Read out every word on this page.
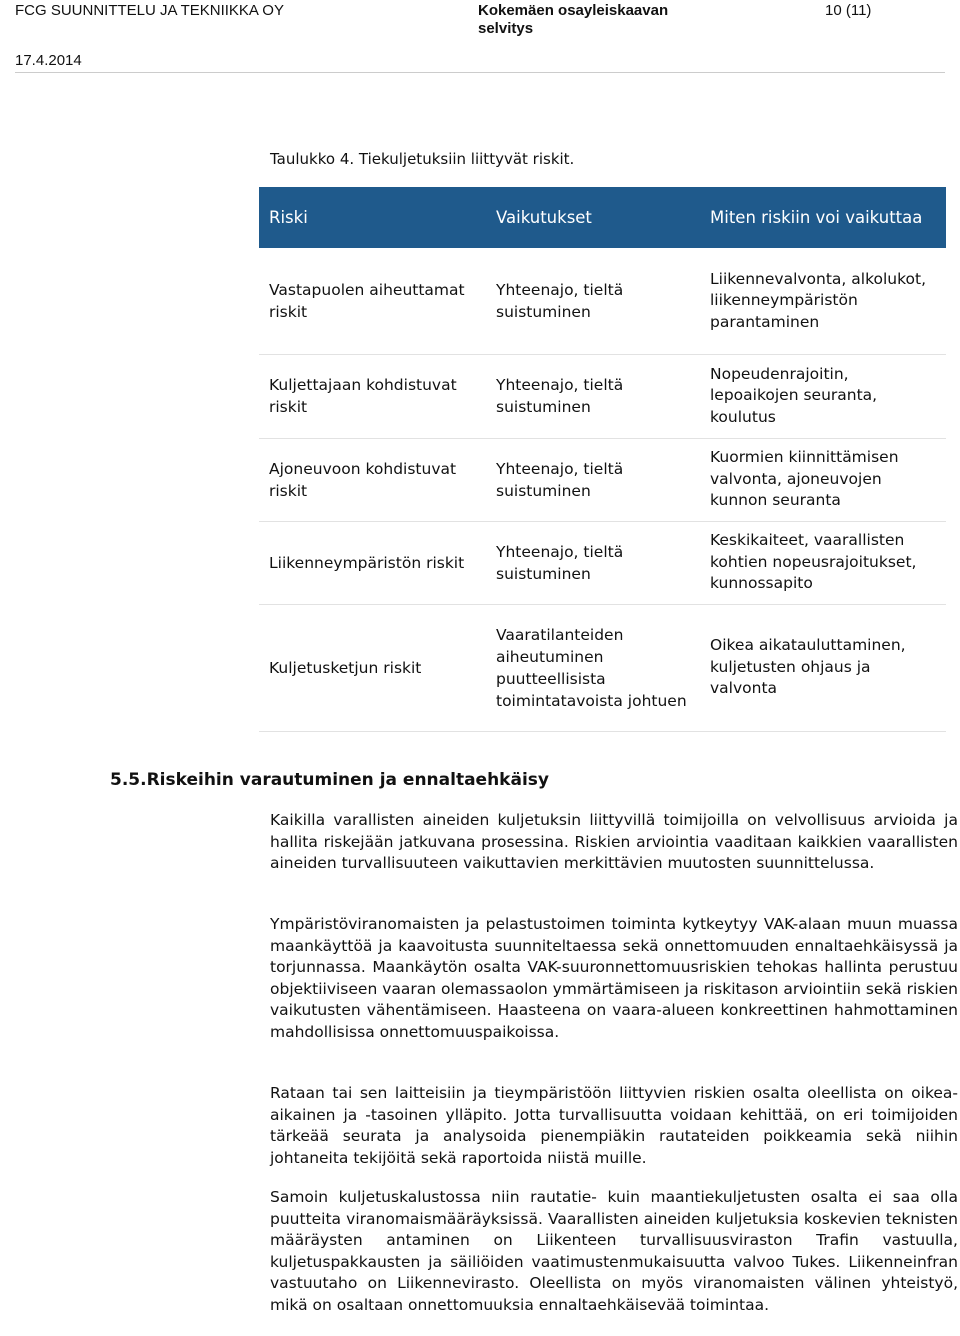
FCG SUUNNITTELU JA TEKNIIKKA OY	Kokemäen osayleiskaavan selvitys
10 (11)
17.4.2014
Taulukko 4. Tiekuljetuksiin liittyvät riskit.
Riski	Vaikutukset	Miten riskiin voi vaikuttaa
Vastapuolen aiheuttamat riskit	Yhteenajo, tieltä suistuminen	Liikennevalvonta, alkolukot, liikenneympäristön parantaminen
Kuljettajaan kohdistuvat riskit	Yhteenajo, tieltä suistuminen	Nopeudenrajoitin, lepoaikojen seuranta, koulutus
Ajoneuvoon kohdistuvat riskit	Yhteenajo, tieltä suistuminen	Kuormien kiinnittämisen valvonta, ajoneuvojen kunnon seuranta
Liikenneympäristön riskit	Yhteenajo, tieltä suistuminen	Keskikaiteet, vaarallisten kohtien nopeusrajoitukset, kunnossapito
Kuljetusketjun riskit	Vaaratilanteiden aiheutuminen puutteellisista toimintatavoista johtuen	Oikea aikatauluttaminen, kuljetusten ohjaus ja valvonta
5.5.Riskeihin varautuminen ja ennaltaehkäisy
Kaikilla varallisten aineiden kuljetuksin liittyvillä toimijoilla on velvollisuus arvioida ja hallita riskejään jatkuvana prosessina. Riskien arviointia vaaditaan kaikkien vaarallisten aineiden turvallisuuteen vaikuttavien merkittävien muutosten suunnittelussa.
Ympäristöviranomaisten ja pelastustoimen toiminta kytkeytyy VAK-alaan muun muassa maankäyttöä ja kaavoitusta suunniteltaessa sekä onnettomuuden ennaltaehkäisyssä ja torjunnassa. Maankäytön osalta VAK-suuronnettomuusriskien tehokas hallinta perustuu objektiiviseen vaaran olemassaolon ymmärtämiseen ja riskitason arviointiin sekä riskien vaikutusten vähentämiseen. Haasteena on vaara-alueen konkreettinen hahmottaminen mahdollisissa onnettomuuspaikoissa.
Rataan tai sen laitteisiin ja tieympäristöön liittyvien riskien osalta oleellista on oikea-aikainen ja -tasoinen ylläpito. Jotta turvallisuutta voidaan kehittää, on eri toimijoiden tärkeää seurata ja analysoida pienempiäkin rautateiden poikkeamia sekä niihin johtaneita tekijöitä sekä raportoida niistä muille.
Samoin kuljetuskalustossa niin rautatie- kuin maantiekuljetusten osalta ei saa olla puutteita viranomaismääräyksissä. Vaarallisten aineiden kuljetuksia koskevien teknisten määräysten antaminen on Liikenteen turvallisuusviraston Trafin vastuulla, kuljetuspakkausten ja säiliöiden vaatimustenmukaisuutta valvoo Tukes. Liikenneinfran vastuutaho on Liikennevirasto. Oleellista on myös viranomaisten välinen yhteistyö, mikä on osaltaan onnettomuuksia ennaltaehkäisevää toimintaa.
